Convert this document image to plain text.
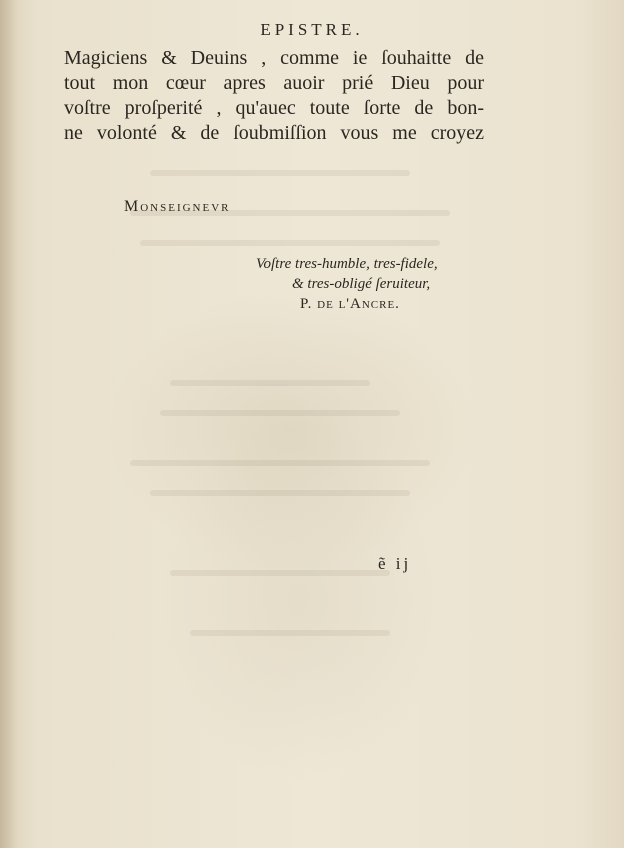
EPISTRE.
Magiciens & Deuins , comme ie ſouhaitte de
tout mon cœur apres auoir prié Dieu pour
voſtre proſperité , qu'auec toute ſorte de bon-
ne volonté & de ſoubmiſſion vous me croyez
Monseignevr
Voſtre tres-humble, tres-fidele,
& tres-obligé ſeruiteur,
P. de l'Ancre.
ẽ ij
